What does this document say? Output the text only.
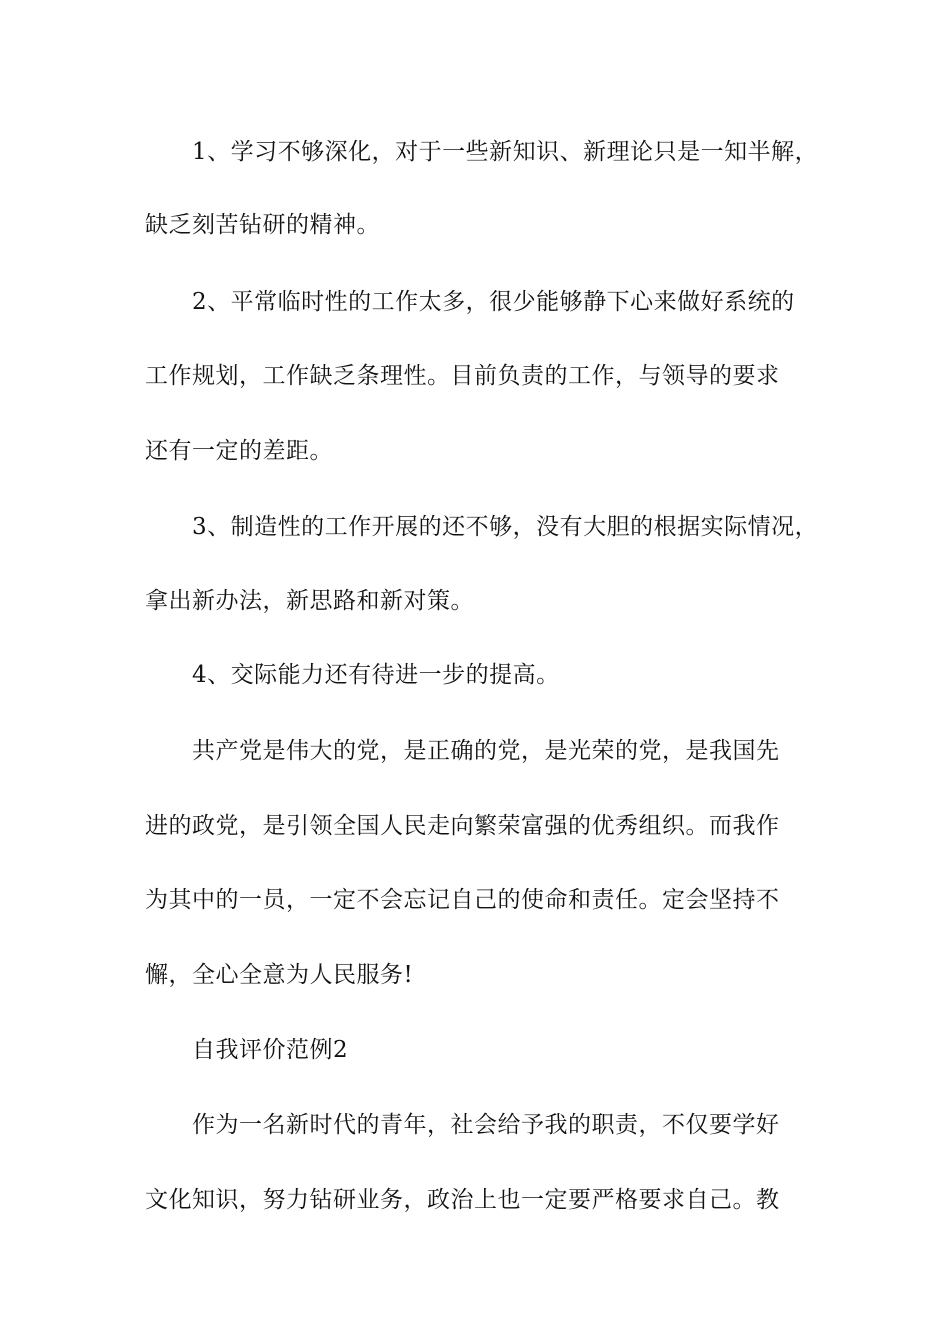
1、学习不够深化，对于一些新知识、新理论只是一知半解，
缺乏刻苦钻研的精神。
2、平常临时性的工作太多，很少能够静下心来做好系统的
工作规划，工作缺乏条理性。目前负责的工作，与领导的要求
还有一定的差距。
3、制造性的工作开展的还不够，没有大胆的根据实际情况，
拿出新办法，新思路和新对策。
4、交际能力还有待进一步的提高。
共产党是伟大的党，是正确的党，是光荣的党，是我国先
进的政党，是引领全国人民走向繁荣富强的优秀组织。而我作
为其中的一员，一定不会忘记自己的使命和责任。定会坚持不
懈，全心全意为人民服务!
自我评价范例2
作为一名新时代的青年，社会给予我的职责，不仅要学好
文化知识，努力钻研业务，政治上也一定要严格要求自己。教
